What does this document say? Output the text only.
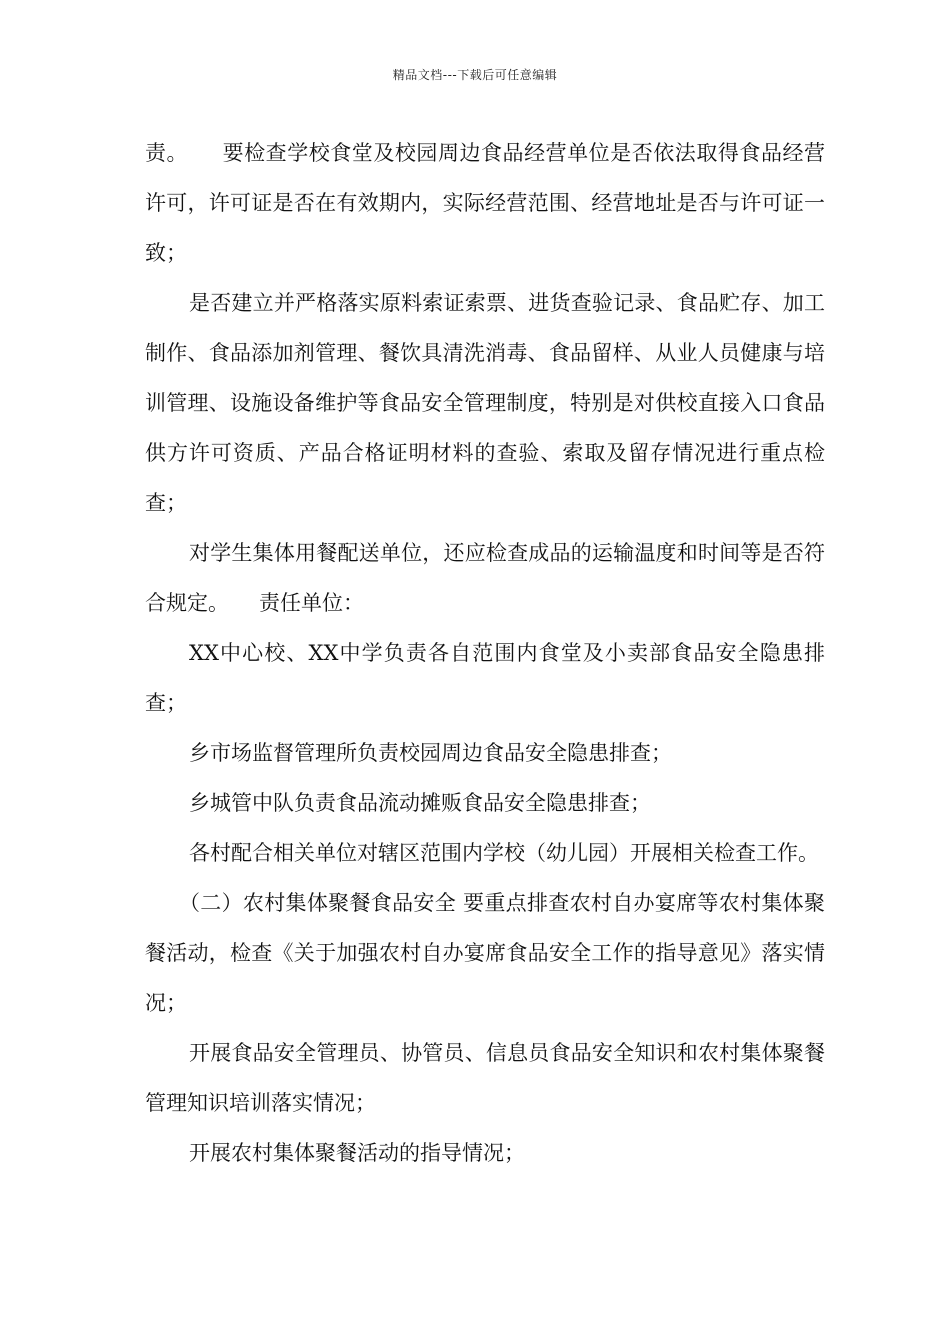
精品文档---下载后可任意编辑

责。 要检查学校食堂及校园周边食品经营单位是否依法取得食品经营许可，许可证是否在有效期内，实际经营范围、经营地址是否与许可证一致；

是否建立并严格落实原料索证索票、进货查验记录、食品贮存、加工制作、食品添加剂管理、餐饮具清洗消毒、食品留样、从业人员健康与培训管理、设施设备维护等食品安全管理制度，特别是对供校直接入口食品供方许可资质、产品合格证明材料的查验、索取及留存情况进行重点检查；

对学生集体用餐配送单位，还应检查成品的运输温度和时间等是否符合规定。 责任单位：

XX中心校、XX中学负责各自范围内食堂及小卖部食品安全隐患排查；

乡市场监督管理所负责校园周边食品安全隐患排查；

乡城管中队负责食品流动摊贩食品安全隐患排查；

各村配合相关单位对辖区范围内学校（幼儿园）开展相关检查工作。

（二）农村集体聚餐食品安全 要重点排查农村自办宴席等农村集体聚餐活动，检查《关于加强农村自办宴席食品安全工作的指导意见》落实情况；

开展食品安全管理员、协管员、信息员食品安全知识和农村集体聚餐管理知识培训落实情况；

开展农村集体聚餐活动的指导情况；
